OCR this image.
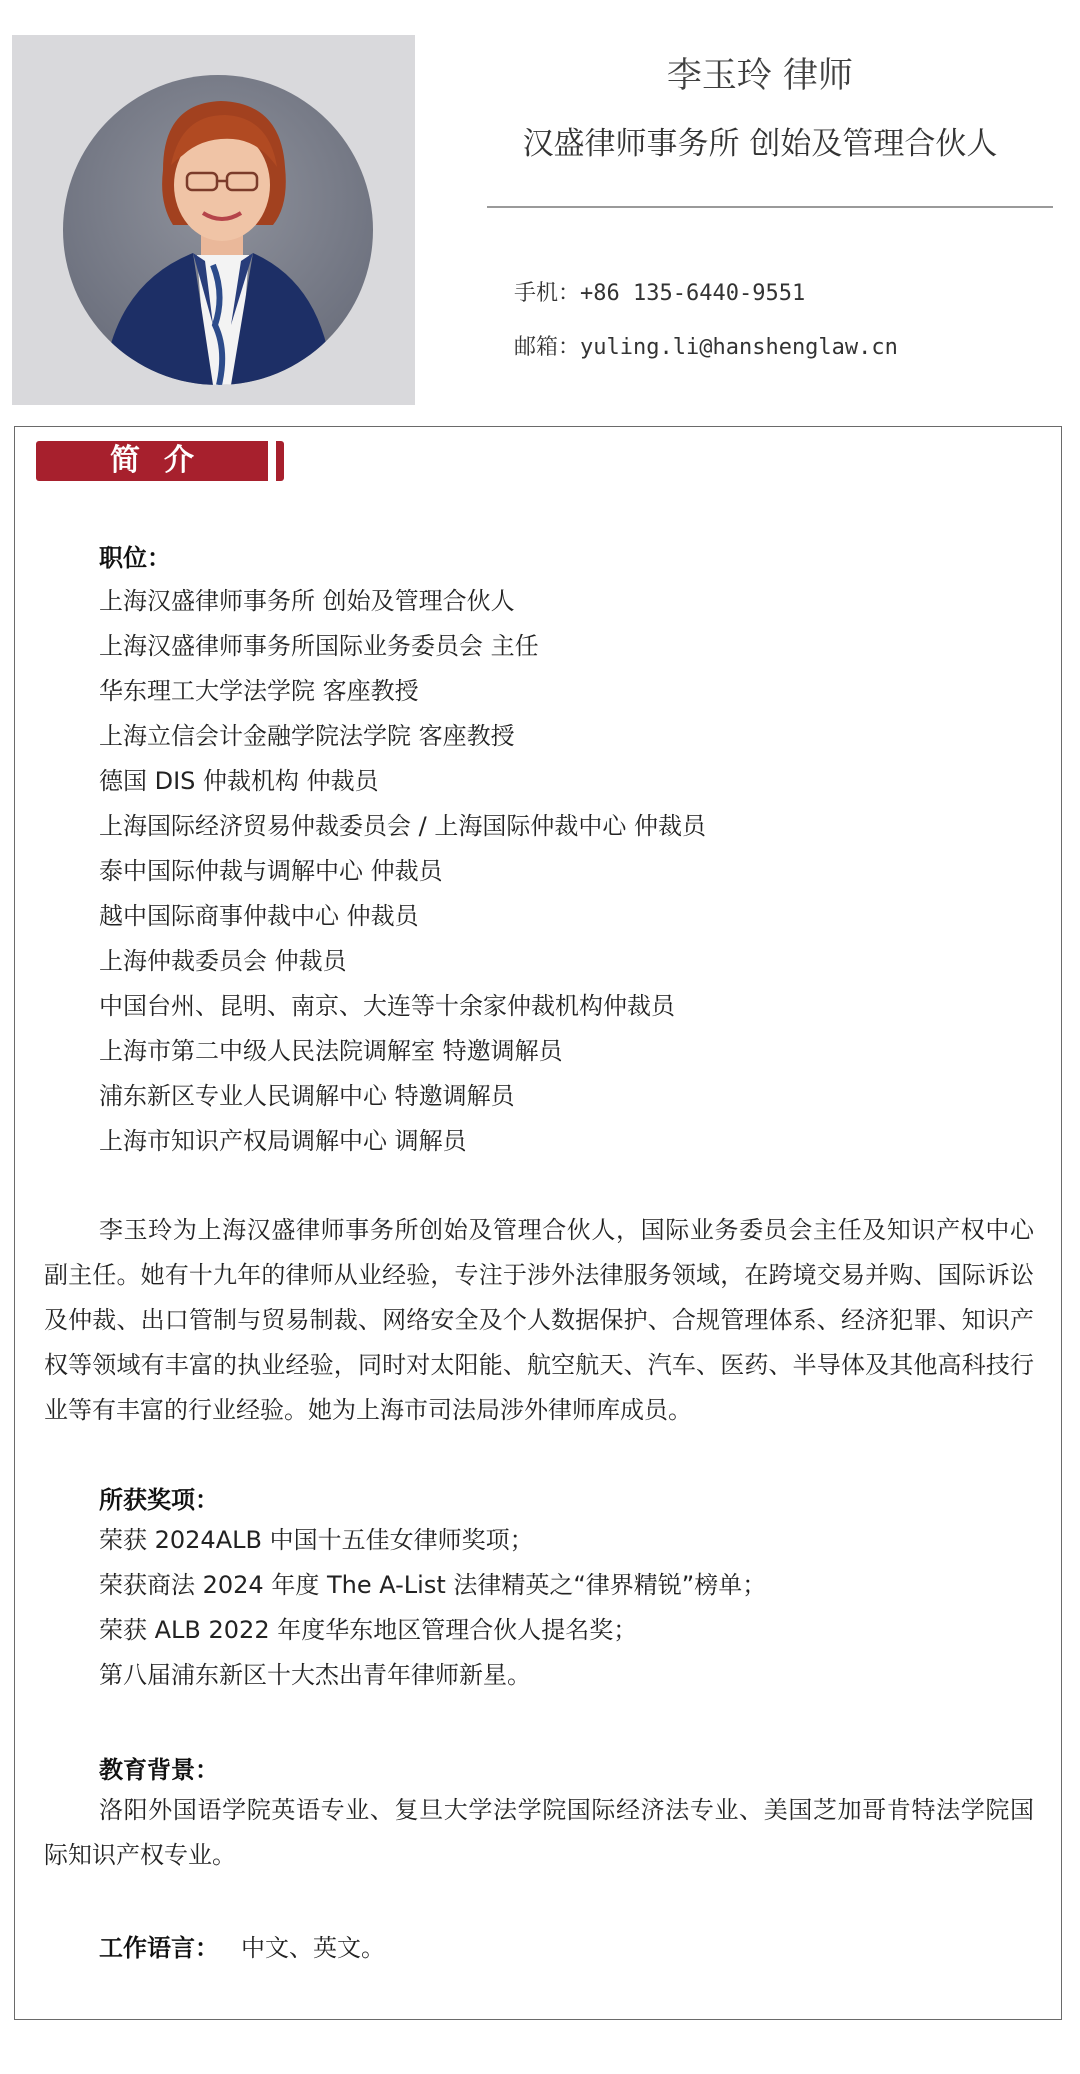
李玉玲 律师
汉盛律师事务所 创始及管理合伙人
手机：+86 135-6440-9551
邮箱：yuling.li@hanshenglaw.cn
简介
职位：
上海汉盛律师事务所 创始及管理合伙人
上海汉盛律师事务所国际业务委员会 主任
华东理工大学法学院 客座教授
上海立信会计金融学院法学院 客座教授
德国 DIS 仲裁机构 仲裁员
上海国际经济贸易仲裁委员会 / 上海国际仲裁中心 仲裁员
泰中国际仲裁与调解中心 仲裁员
越中国际商事仲裁中心 仲裁员
上海仲裁委员会 仲裁员
中国台州、昆明、南京、大连等十余家仲裁机构仲裁员
上海市第二中级人民法院调解室 特邀调解员
浦东新区专业人民调解中心 特邀调解员
上海市知识产权局调解中心 调解员
李玉玲为上海汉盛律师事务所创始及管理合伙人，国际业务委员会主任及知识产权中心副主任。她有十九年的律师从业经验，专注于涉外法律服务领域，在跨境交易并购、国际诉讼及仲裁、出口管制与贸易制裁、网络安全及个人数据保护、合规管理体系、经济犯罪、知识产权等领域有丰富的执业经验，同时对太阳能、航空航天、汽车、医药、半导体及其他高科技行业等有丰富的行业经验。她为上海市司法局涉外律师库成员。
所获奖项：
荣获 2024ALB 中国十五佳女律师奖项；
荣获商法 2024 年度 The A-List 法律精英之“律界精锐”榜单；
荣获 ALB 2022 年度华东地区管理合伙人提名奖；
第八届浦东新区十大杰出青年律师新星。
教育背景：
洛阳外国语学院英语专业、复旦大学法学院国际经济法专业、美国芝加哥肯特法学院国际知识产权专业。
工作语言： 中文、英文。
